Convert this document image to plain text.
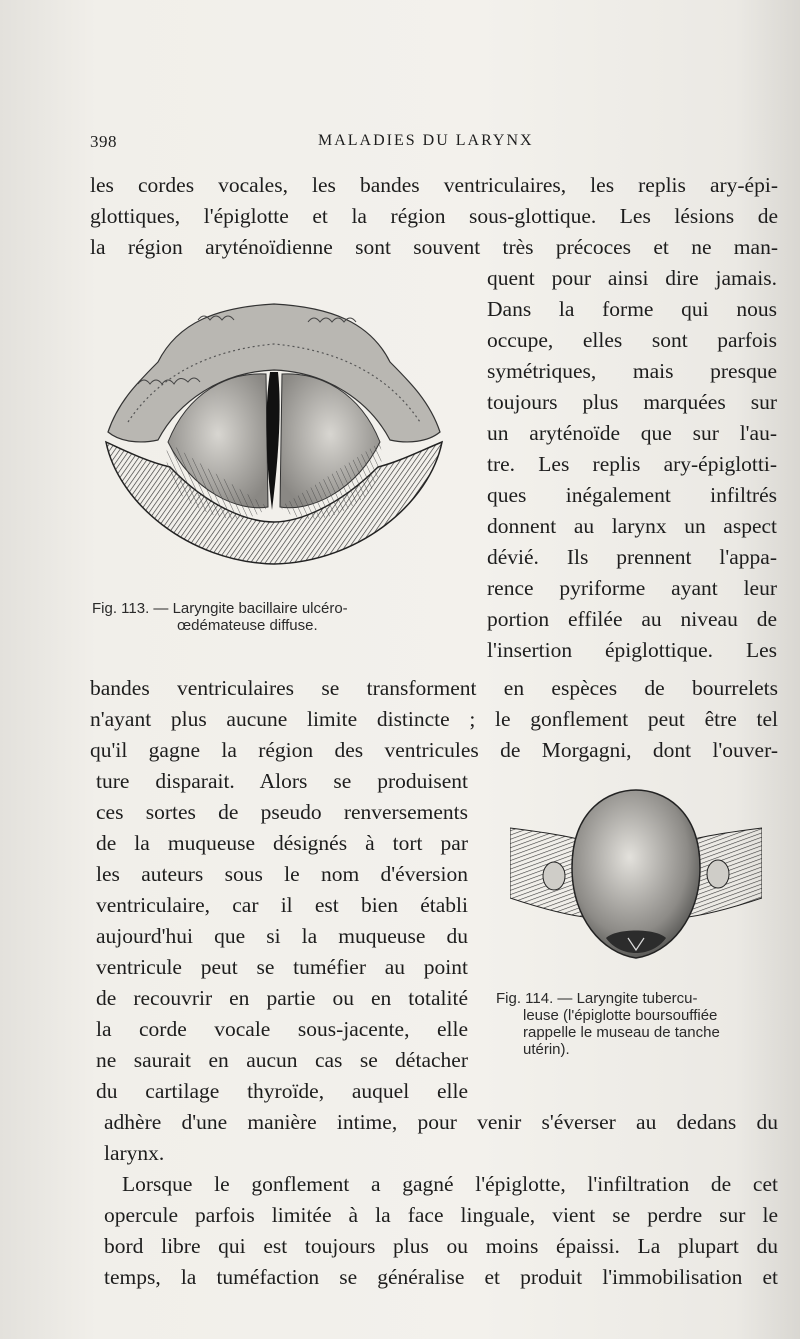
398	MALADIES DU LARYNX
les cordes vocales, les bandes ventriculaires, les replis ary-épi-
glottiques, l'épiglotte et la région sous-glottique. Les lésions de
la région aryténoïdienne sont souvent très précoces et ne man-
quent pour ainsi dire jamais.
Dans la forme qui nous
occupe, elles sont parfois
symétriques, mais presque
toujours plus marquées sur
un aryténoïde que sur l'au-
tre. Les replis ary-épiglotti-
ques inégalement infiltrés
donnent au larynx un aspect
dévié. Ils prennent l'appa-
rence pyriforme ayant leur
portion effilée au niveau de
l'insertion épiglottique. Les
Fig. 113. — Laryngite bacillaire ulcéro-
œdémateuse diffuse.
bandes ventriculaires se transforment en espèces de bourrelets
n'ayant plus aucune limite distincte ; le gonflement peut être tel
qu'il gagne la région des ventricules de Morgagni, dont l'ouver-
ture disparait. Alors se produisent
ces sortes de pseudo renversements
de la muqueuse désignés à tort par
les auteurs sous le nom d'éversion
ventriculaire, car il est bien établi
aujourd'hui que si la muqueuse du
ventricule peut se tuméfier au point
de recouvrir en partie ou en totalité
la corde vocale sous-jacente, elle
ne saurait en aucun cas se détacher
du cartilage thyroïde, auquel elle
Fig. 114. — Laryngite tubercu-
leuse (l'épiglotte boursouffiée
rappelle le museau de tanche
utérin).
adhère d'une manière intime, pour venir s'éverser au dedans du
larynx.
Lorsque le gonflement a gagné l'épiglotte, l'infiltration de cet
opercule parfois limitée à la face linguale, vient se perdre sur le
bord libre qui est toujours plus ou moins épaissi. La plupart du
temps, la tuméfaction se généralise et produit l'immobilisation et
